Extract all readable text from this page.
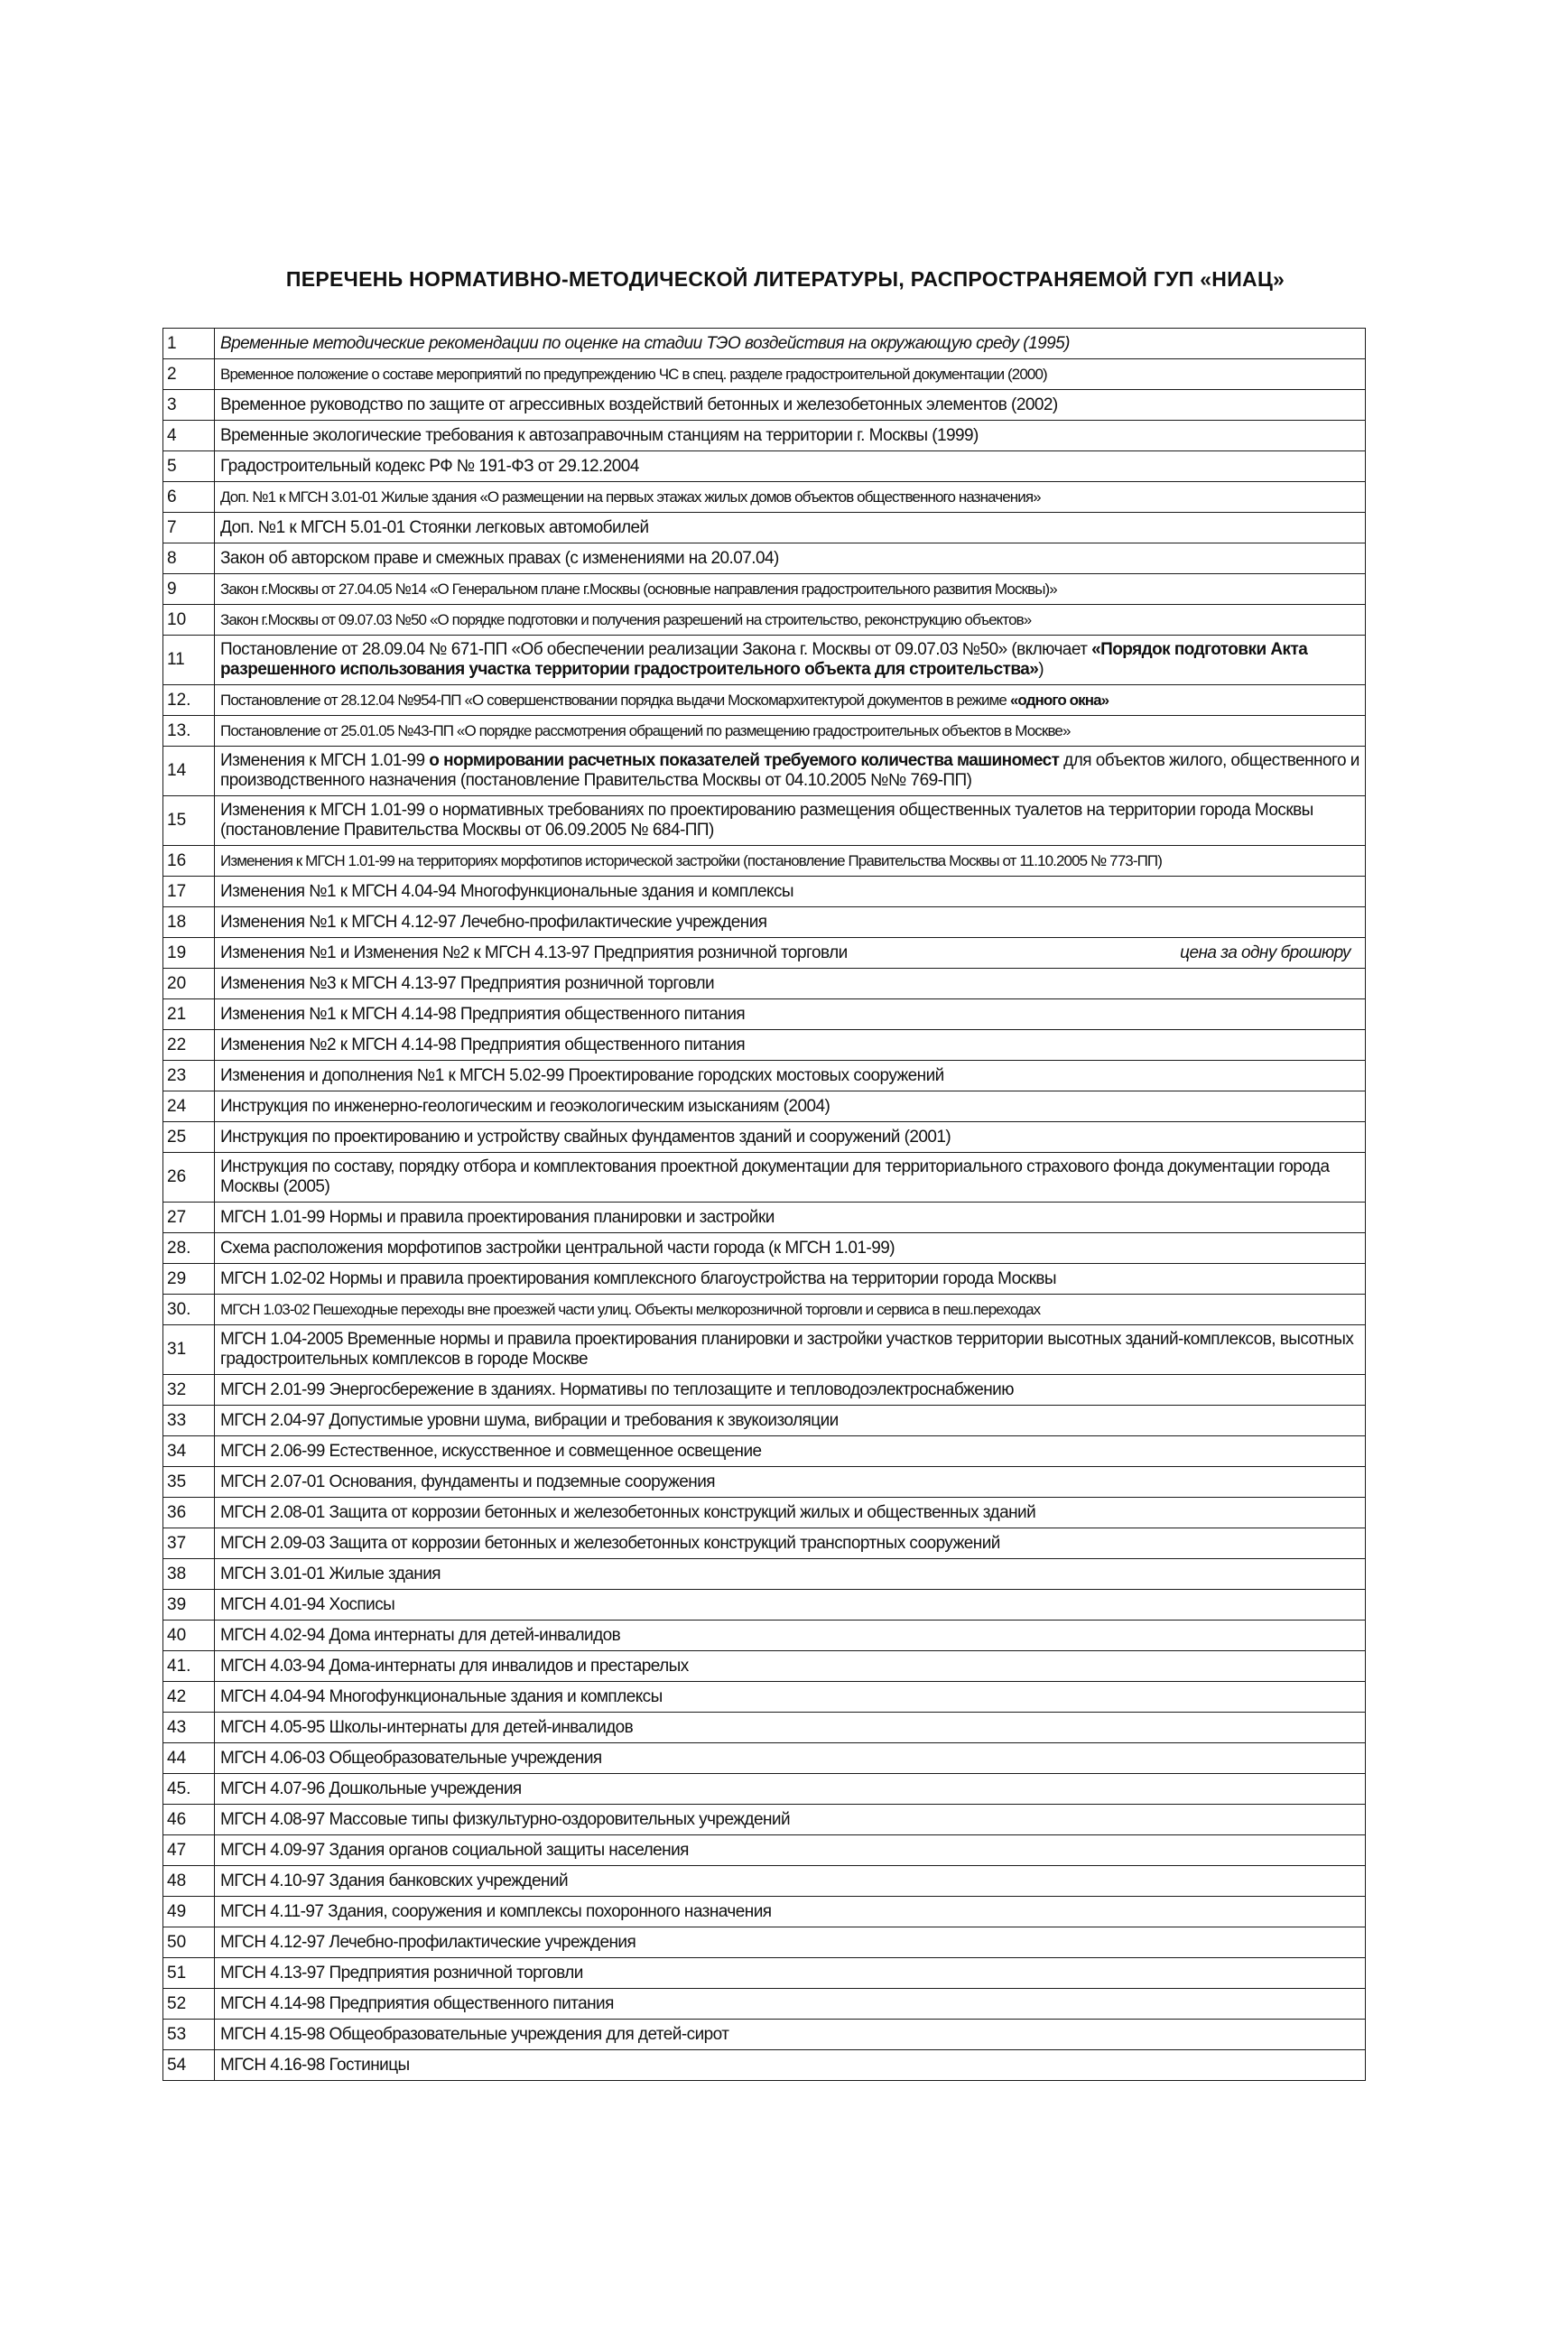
ПЕРЕЧЕНЬ НОРМАТИВНО-МЕТОДИЧЕСКОЙ ЛИТЕРАТУРЫ, РАСПРОСТРАНЯЕМОЙ ГУП «НИАЦ»
1	Временные методические рекомендации по оценке на стадии ТЭО воздействия на окружающую среду (1995)
2	Временное положение о составе мероприятий по предупреждению ЧС в спец. разделе градостроительной документации (2000)
3	Временное руководство по защите от агрессивных воздействий бетонных и железобетонных элементов (2002)
4	Временные экологические требования к автозаправочным станциям на территории г. Москвы (1999)
5	Градостроительный кодекс РФ № 191-ФЗ от 29.12.2004
6	Доп. №1 к МГСН 3.01-01 Жилые здания «О размещении на первых этажах жилых домов объектов общественного назначения»
7	Доп. №1 к МГСН 5.01-01 Стоянки легковых автомобилей
8	Закон об авторском праве и смежных правах (с изменениями на 20.07.04)
9	Закон г.Москвы от 27.04.05 №14 «О Генеральном плане г.Москвы (основные направления градостроительного развития Москвы)»
10	Закон г.Москвы от 09.07.03 №50 «О порядке подготовки и получения разрешений на строительство, реконструкцию объектов»
11	Постановление от 28.09.04 № 671-ПП «Об обеспечении реализации Закона г. Москвы от 09.07.03 №50» (включает «Порядок подготовки Акта разрешенного использования участка территории градостроительного объекта для строительства»)
12.	Постановление от 28.12.04 №954-ПП «О совершенствовании порядка выдачи Москомархитектурой документов в режиме «одного окна»
13.	Постановление от 25.01.05 №43-ПП «О порядке рассмотрения обращений по размещению градостроительных объектов в Москве»
14	Изменения к МГСН 1.01-99 о нормировании расчетных показателей требуемого количества машиномест для объектов жилого, общественного и производственного назначения (постановление Правительства Москвы от 04.10.2005 №№ 769-ПП)
15	Изменения к МГСН 1.01-99 о нормативных требованиях по проектированию размещения общественных туалетов на территории города Москвы (постановление Правительства Москвы от 06.09.2005 № 684-ПП)
16	Изменения к МГСН 1.01-99 на территориях морфотипов исторической застройки (постановление Правительства Москвы от 11.10.2005 № 773-ПП)
17	Изменения №1 к МГСН 4.04-94 Многофункциональные здания и комплексы
18	Изменения №1 к МГСН 4.12-97 Лечебно-профилактические учреждения
19	Изменения №1 и Изменения №2 к МГСН 4.13-97 Предприятия розничной торговли цена за одну брошюру

20	Изменения №3 к МГСН 4.13-97 Предприятия розничной торговли
21	Изменения №1 к МГСН 4.14-98 Предприятия общественного питания
22	Изменения №2 к МГСН 4.14-98 Предприятия общественного питания
23	Изменения и дополнения №1 к МГСН 5.02-99 Проектирование городских мостовых сооружений
24	Инструкция по инженерно-геологическим и геоэкологическим изысканиям (2004)
25	Инструкция по проектированию и устройству свайных фундаментов зданий и сооружений (2001)
26	Инструкция по составу, порядку отбора и комплектования проектной документации для территориального страхового фонда документации города Москвы (2005)
27	МГСН 1.01-99 Нормы и правила проектирования планировки и застройки
28.	Схема расположения морфотипов застройки центральной части города (к МГСН 1.01-99)
29	МГСН 1.02-02 Нормы и правила проектирования комплексного благоустройства на территории города Москвы
30.	МГСН 1.03-02 Пешеходные переходы вне проезжей части улиц. Объекты мелкорозничной торговли и сервиса в пеш.переходах
31	МГСН 1.04-2005 Временные нормы и правила проектирования планировки и застройки участков территории высотных зданий-комплексов, высотных градостроительных комплексов в городе Москве
32	МГСН 2.01-99 Энергосбережение в зданиях. Нормативы по теплозащите и тепловодоэлектроснабжению
33	МГСН 2.04-97 Допустимые уровни шума, вибрации и требования к звукоизоляции
34	МГСН 2.06-99 Естественное, искусственное и совмещенное освещение
35	МГСН 2.07-01 Основания, фундаменты и подземные сооружения
36	МГСН 2.08-01 Защита от коррозии бетонных и железобетонных конструкций жилых и общественных зданий
37	МГСН 2.09-03 Защита от коррозии бетонных и железобетонных конструкций транспортных сооружений
38	МГСН 3.01-01 Жилые здания
39	МГСН 4.01-94 Хосписы
40	МГСН 4.02-94 Дома интернаты для детей-инвалидов
41.	МГСН 4.03-94 Дома-интернаты для инвалидов и престарелых
42	МГСН 4.04-94 Многофункциональные здания и комплексы
43	МГСН 4.05-95 Школы-интернаты для детей-инвалидов
44	МГСН 4.06-03 Общеобразовательные учреждения
45.	МГСН 4.07-96 Дошкольные учреждения
46	МГСН 4.08-97 Массовые типы физкультурно-оздоровительных учреждений
47	МГСН 4.09-97 Здания органов социальной защиты населения
48	МГСН 4.10-97 Здания банковских учреждений
49	МГСН 4.11-97 Здания, сооружения и комплексы похоронного назначения
50	МГСН 4.12-97 Лечебно-профилактические учреждения
51	МГСН 4.13-97 Предприятия розничной торговли
52	МГСН 4.14-98 Предприятия общественного питания
53	МГСН 4.15-98 Общеобразовательные учреждения для детей-сирот
54	МГСН 4.16-98 Гостиницы
